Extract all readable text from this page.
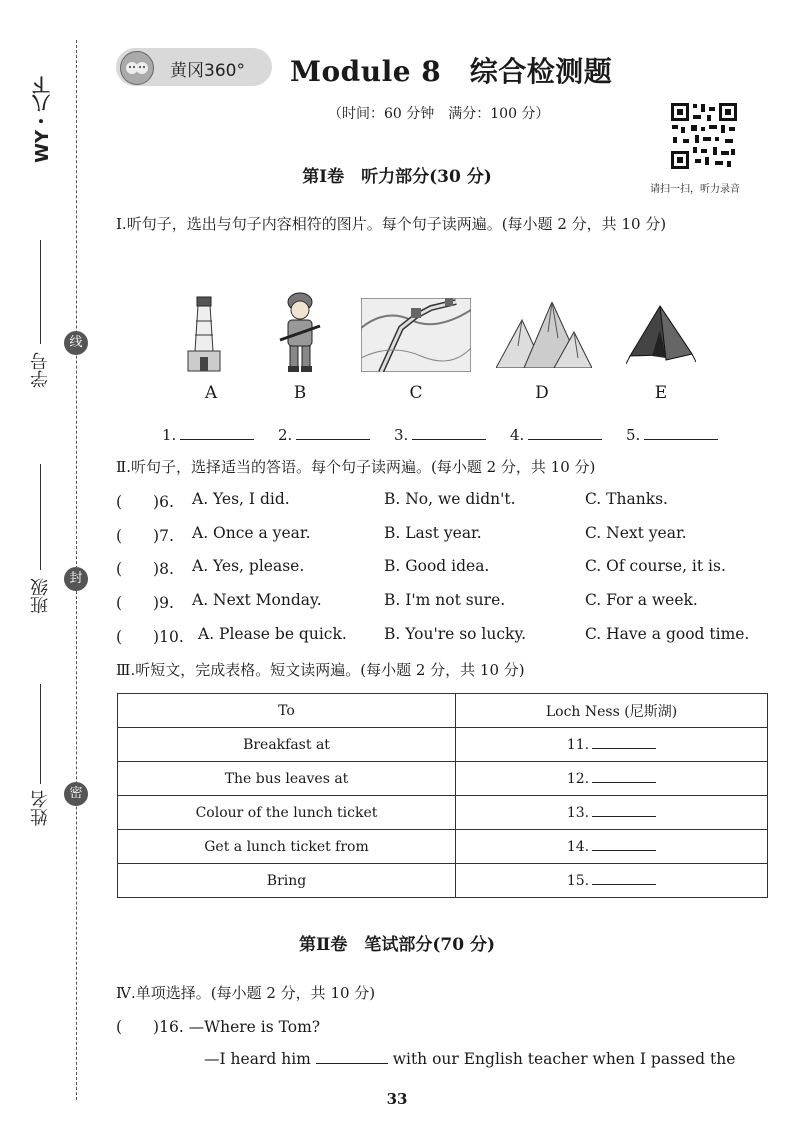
WY・八下
学号
班级
姓名
线
封
密
黄冈360° Module 8　综合检测题
（时间：60 分钟　满分：100 分）
请扫一扫，听力录音
第Ⅰ卷　听力部分(30 分)
Ⅰ.听句子，选出与句子内容相符的图片。每个句子读两遍。(每小题 2 分，共 10 分)
A	B	C	D	E
1.	2.	3.	4.	5.
Ⅱ.听句子，选择适当的答语。每个句子读两遍。(每小题 2 分，共 10 分)
(　　)6. A. Yes, I did.	B. No, we didn't.	C. Thanks.
(　　)7. A. Once a year.	B. Last year.	C. Next year.
(　　)8. A. Yes, please.	B. Good idea.	C. Of course, it is.
(　　)9. A. Next Monday.	B. I'm not sure.	C. For a week.
(　　)10. A. Please be quick. B. You're so lucky.	C. Have a good time.
Ⅲ.听短文，完成表格。短文读两遍。(每小题 2 分，共 10 分)
To	Loch Ness (尼斯湖)
Breakfast at	11.
The bus leaves at	12.
Colour of the lunch ticket	13.
Get a lunch ticket from	14.
Bring	15.
第Ⅱ卷　笔试部分(70 分)
Ⅳ.单项选择。(每小题 2 分，共 10 分)
(　　)16. —Where is Tom?
—I heard him	with our English teacher when I passed the
33
